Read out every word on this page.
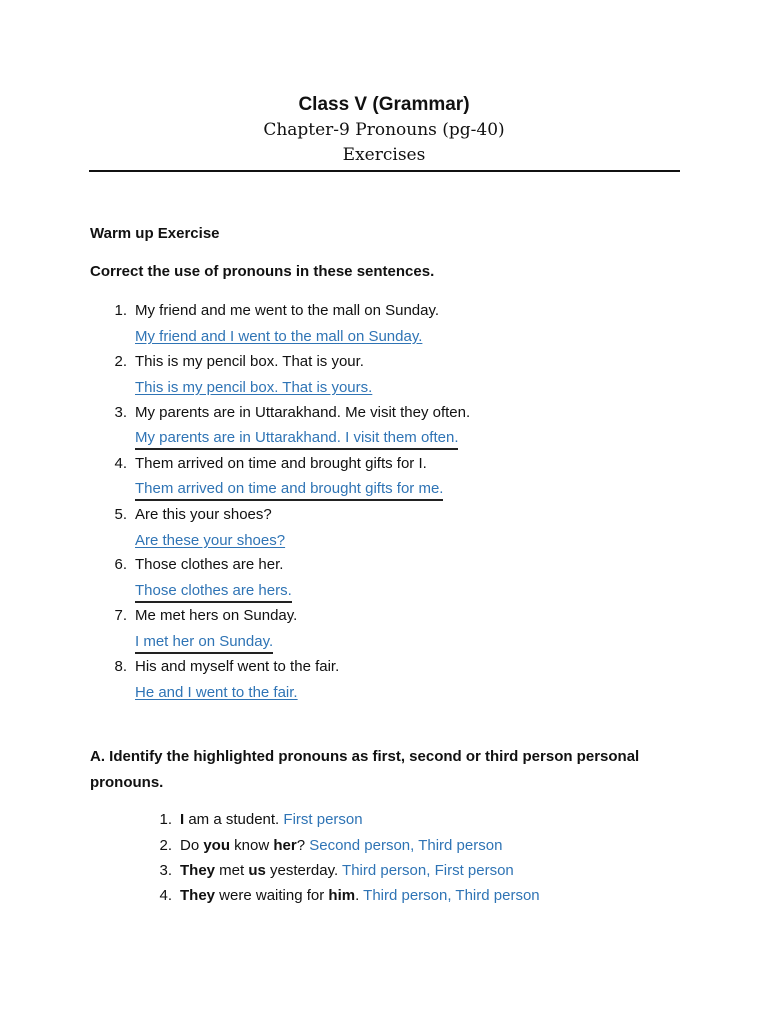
Class V (Grammar)
Chapter-9 Pronouns (pg-40)
Exercises
Warm up Exercise
Correct the use of pronouns in these sentences.
1. My friend and me went to the mall on Sunday.
My friend and I went to the mall on Sunday.
2. This is my pencil box. That is your.
This is my pencil box. That is yours.
3. My parents are in Uttarakhand. Me visit they often.
My parents are in Uttarakhand. I visit them often.
4. Them arrived on time and brought gifts for I.
Them arrived on time and brought gifts for me.
5. Are this your shoes?
Are these your shoes?
6. Those clothes are her.
Those clothes are hers.
7. Me met hers on Sunday.
I met her on Sunday.
8. His and myself went to the fair.
He and I went to the fair.
A. Identify the highlighted pronouns as first, second or third person personal pronouns.
1. I am a student. First person
2. Do you know her? Second person, Third person
3. They met us yesterday. Third person, First person
4. They were waiting for him. Third person, Third person
